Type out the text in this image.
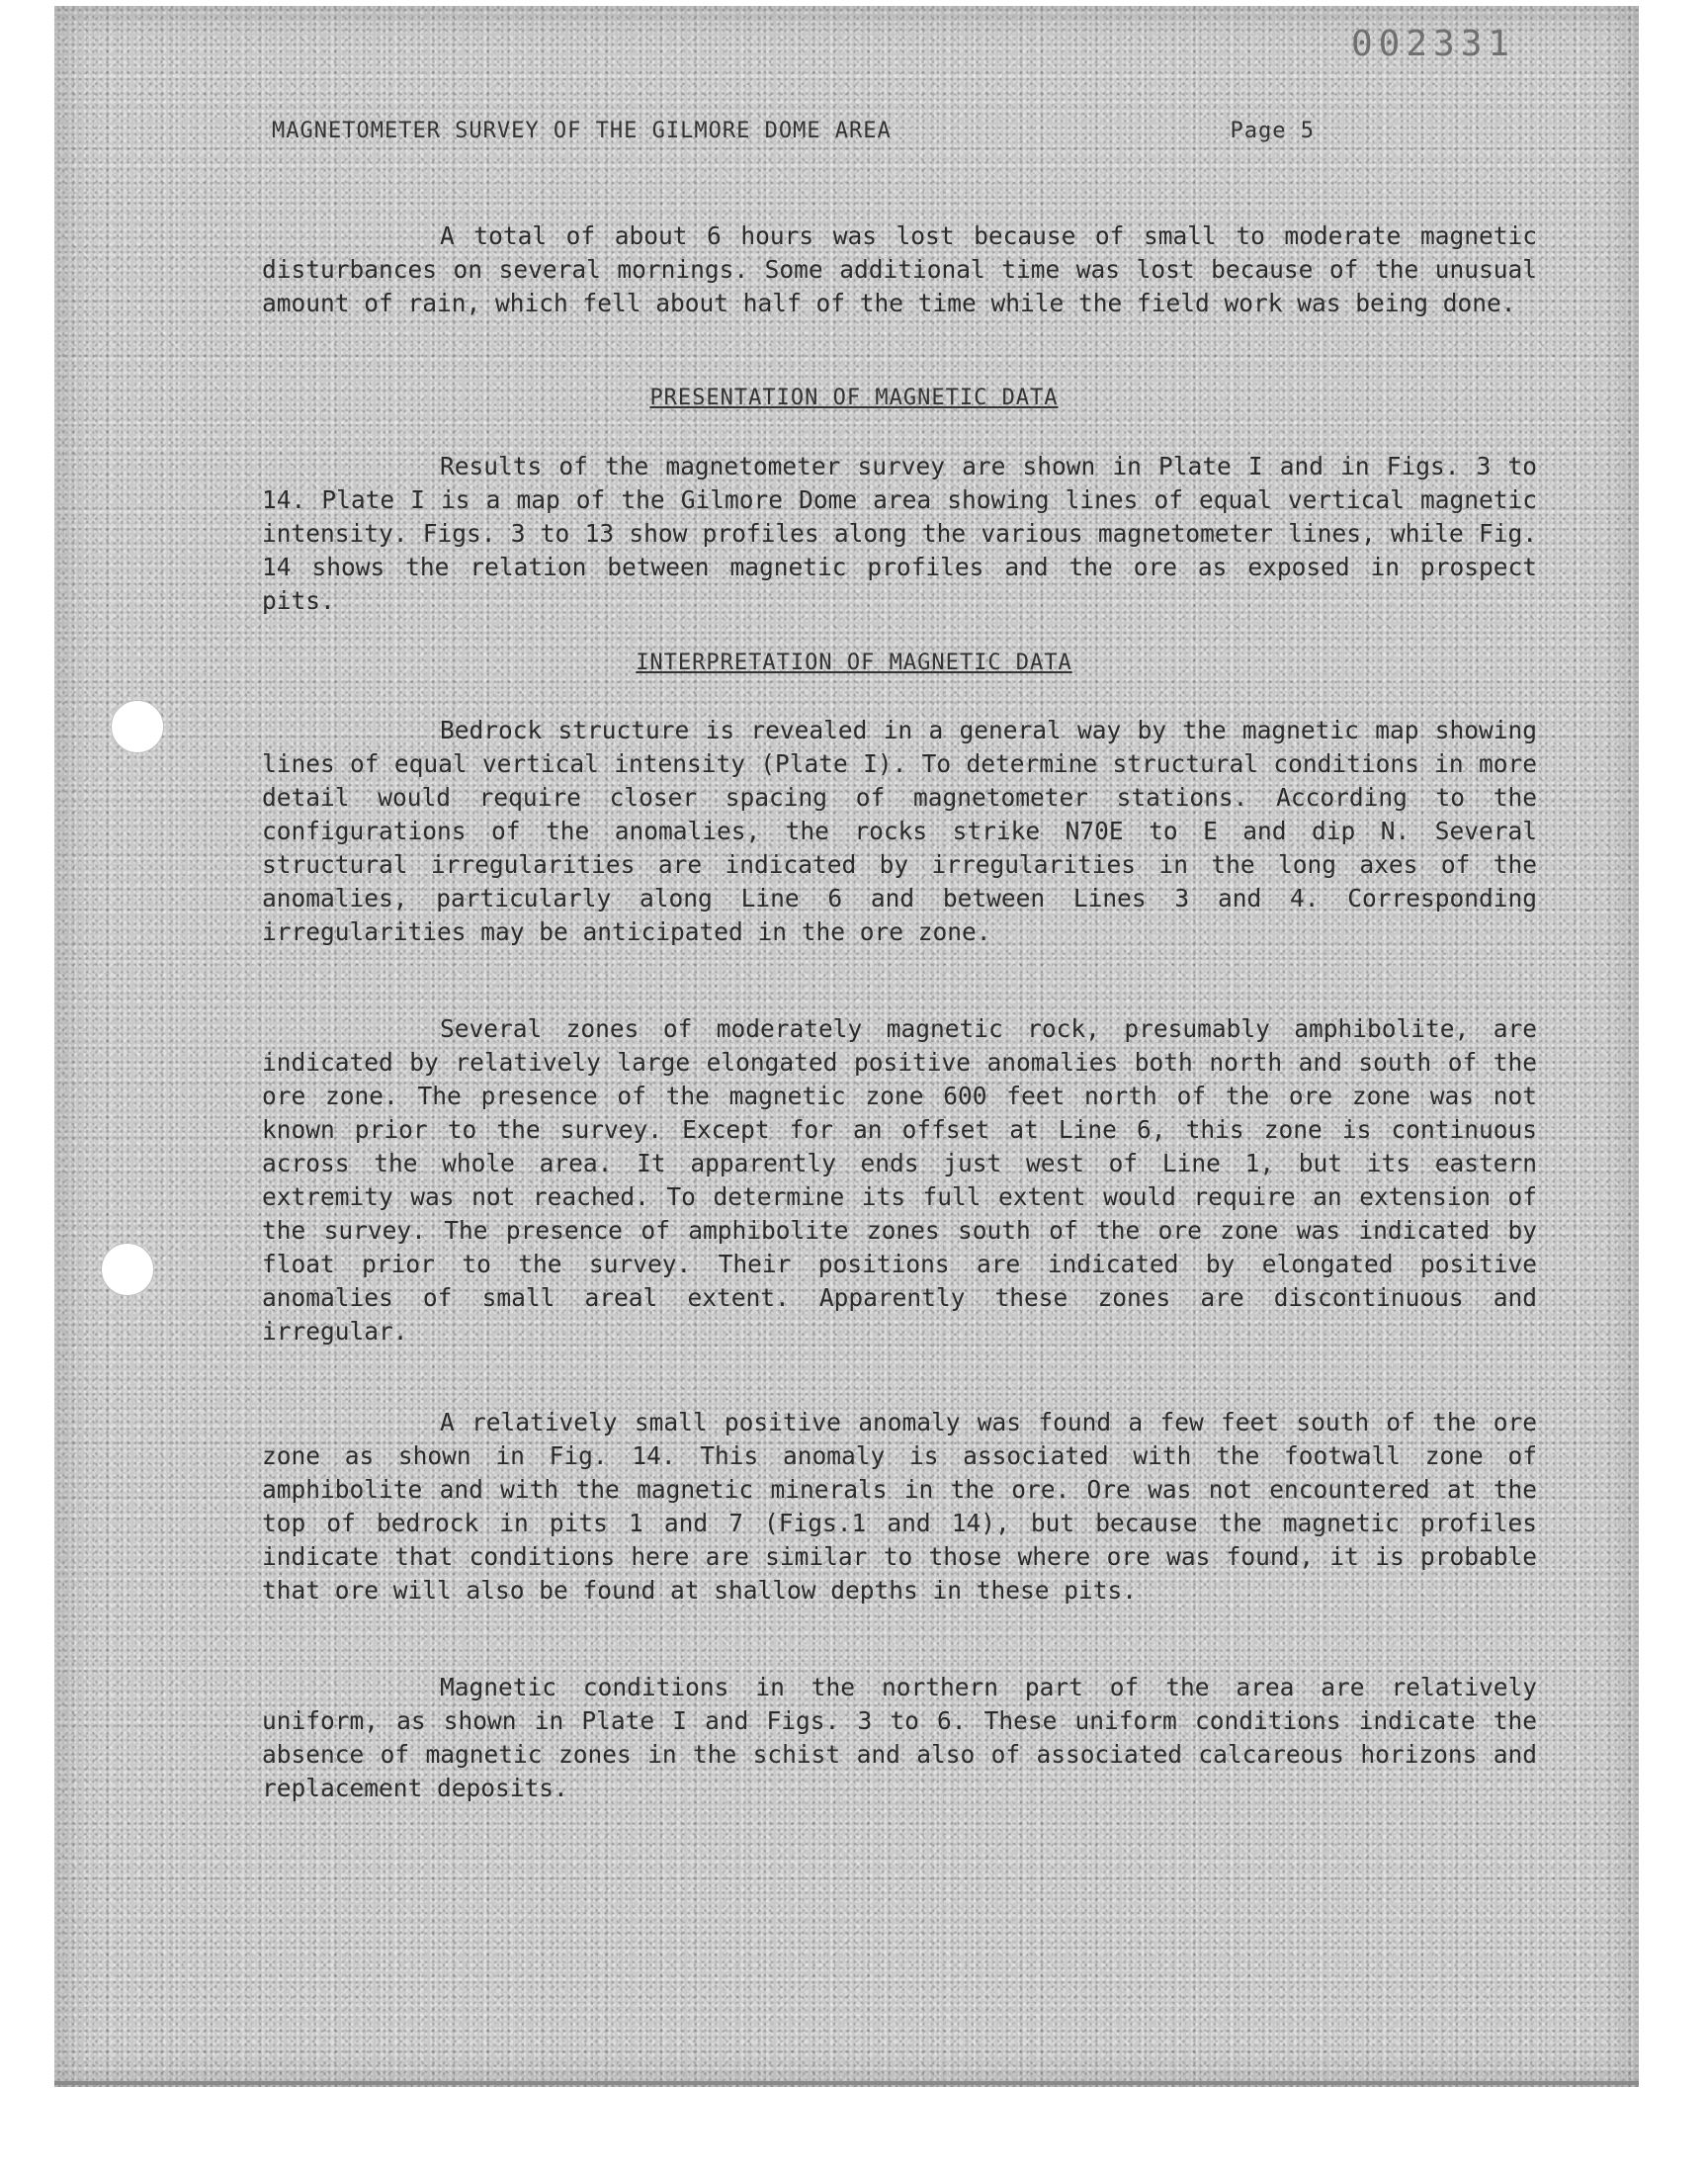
002331
MAGNETOMETER SURVEY OF THE GILMORE DOME AREA	Page 5

A total of about 6 hours was lost because of small to moderate magnetic disturbances on several mornings. Some additional time was lost because of the unusual amount of rain, which fell about half of the time while the field work was being done.

PRESENTATION OF MAGNETIC DATA

Results of the magnetometer survey are shown in Plate I and in Figs. 3 to 14. Plate I is a map of the Gilmore Dome area showing lines of equal vertical magnetic intensity. Figs. 3 to 13 show profiles along the various magnetometer lines, while Fig. 14 shows the relation between magnetic profiles and the ore as exposed in prospect pits.

INTERPRETATION OF MAGNETIC DATA

Bedrock structure is revealed in a general way by the magnetic map showing lines of equal vertical intensity (Plate I). To determine structural conditions in more detail would require closer spacing of magnetometer stations. According to the configurations of the anomalies, the rocks strike N70E to E and dip N. Several structural irregularities are indicated by irregularities in the long axes of the anomalies, particularly along Line 6 and between Lines 3 and 4. Corresponding irregularities may be anticipated in the ore zone.

Several zones of moderately magnetic rock, presumably amphibolite, are indicated by relatively large elongated positive anomalies both north and south of the ore zone. The presence of the magnetic zone 600 feet north of the ore zone was not known prior to the survey. Except for an offset at Line 6, this zone is continuous across the whole area. It apparently ends just west of Line 1, but its eastern extremity was not reached. To determine its full extent would require an extension of the survey. The presence of amphibolite zones south of the ore zone was indicated by float prior to the survey. Their positions are indicated by elongated positive anomalies of small areal extent. Apparently these zones are discontinuous and irregular.

A relatively small positive anomaly was found a few feet south of the ore zone as shown in Fig. 14. This anomaly is associated with the footwall zone of amphibolite and with the magnetic minerals in the ore. Ore was not encountered at the top of bedrock in pits 1 and 7 (Figs.1 and 14), but because the magnetic profiles indicate that conditions here are similar to those where ore was found, it is probable that ore will also be found at shallow depths in these pits.

Magnetic conditions in the northern part of the area are relatively uniform, as shown in Plate I and Figs. 3 to 6. These uniform conditions indicate the absence of magnetic zones in the schist and also of associated calcareous horizons and replacement deposits.
